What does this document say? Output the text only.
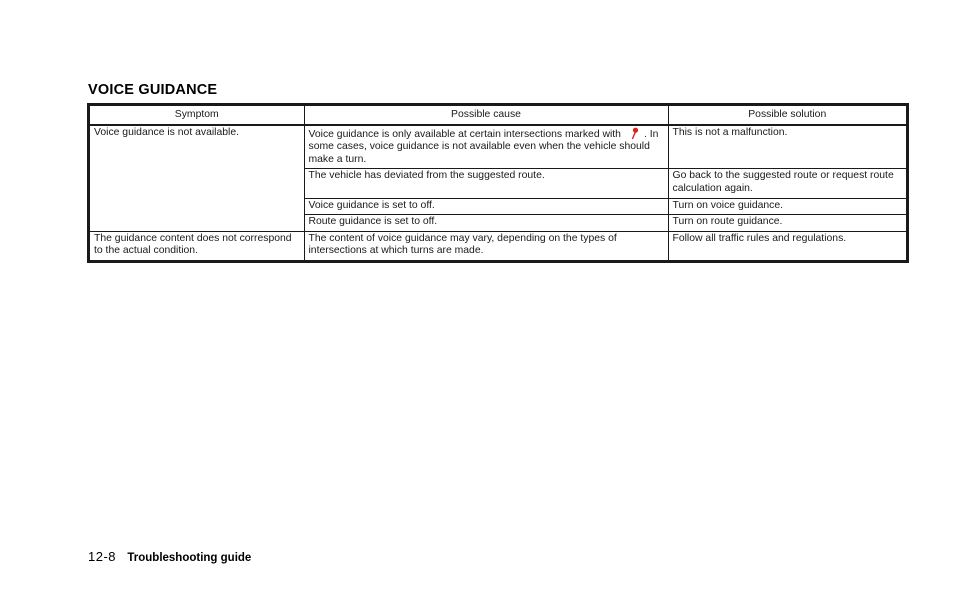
VOICE GUIDANCE
Symptom	Possible cause	Possible solution
Voice guidance is not available.	Voice guidance is only available at certain intersections marked with . In some cases, voice guidance is not available even when the vehicle should make a turn.	This is not a malfunction.
	The vehicle has deviated from the suggested route.	Go back to the suggested route or request route calculation again.
	Voice guidance is set to off.	Turn on voice guidance.
	Route guidance is set to off.	Turn on route guidance.
The guidance content does not correspond to the actual condition.	The content of voice guidance may vary, depending on the types of intersections at which turns are made.	Follow all traffic rules and regulations.
12-8 Troubleshooting guide
